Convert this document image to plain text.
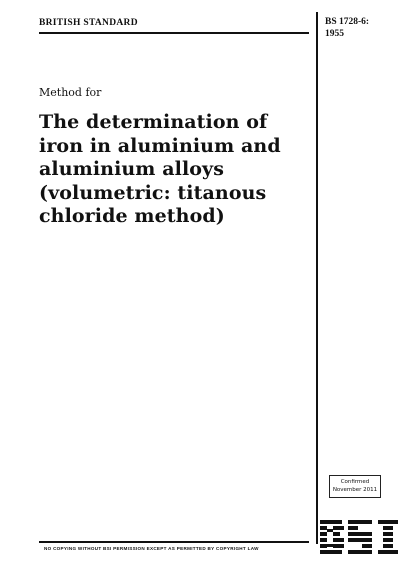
BRITISH STANDARD	BS 1728-6:
1955
Method for
The determination of
iron in aluminium and
aluminium alloys
(volumetric: titanous
chloride method)
Confirmed
November 2011
NO COPYING WITHOUT BSI PERMISSION EXCEPT AS PERMITTED BY COPYRIGHT LAW
